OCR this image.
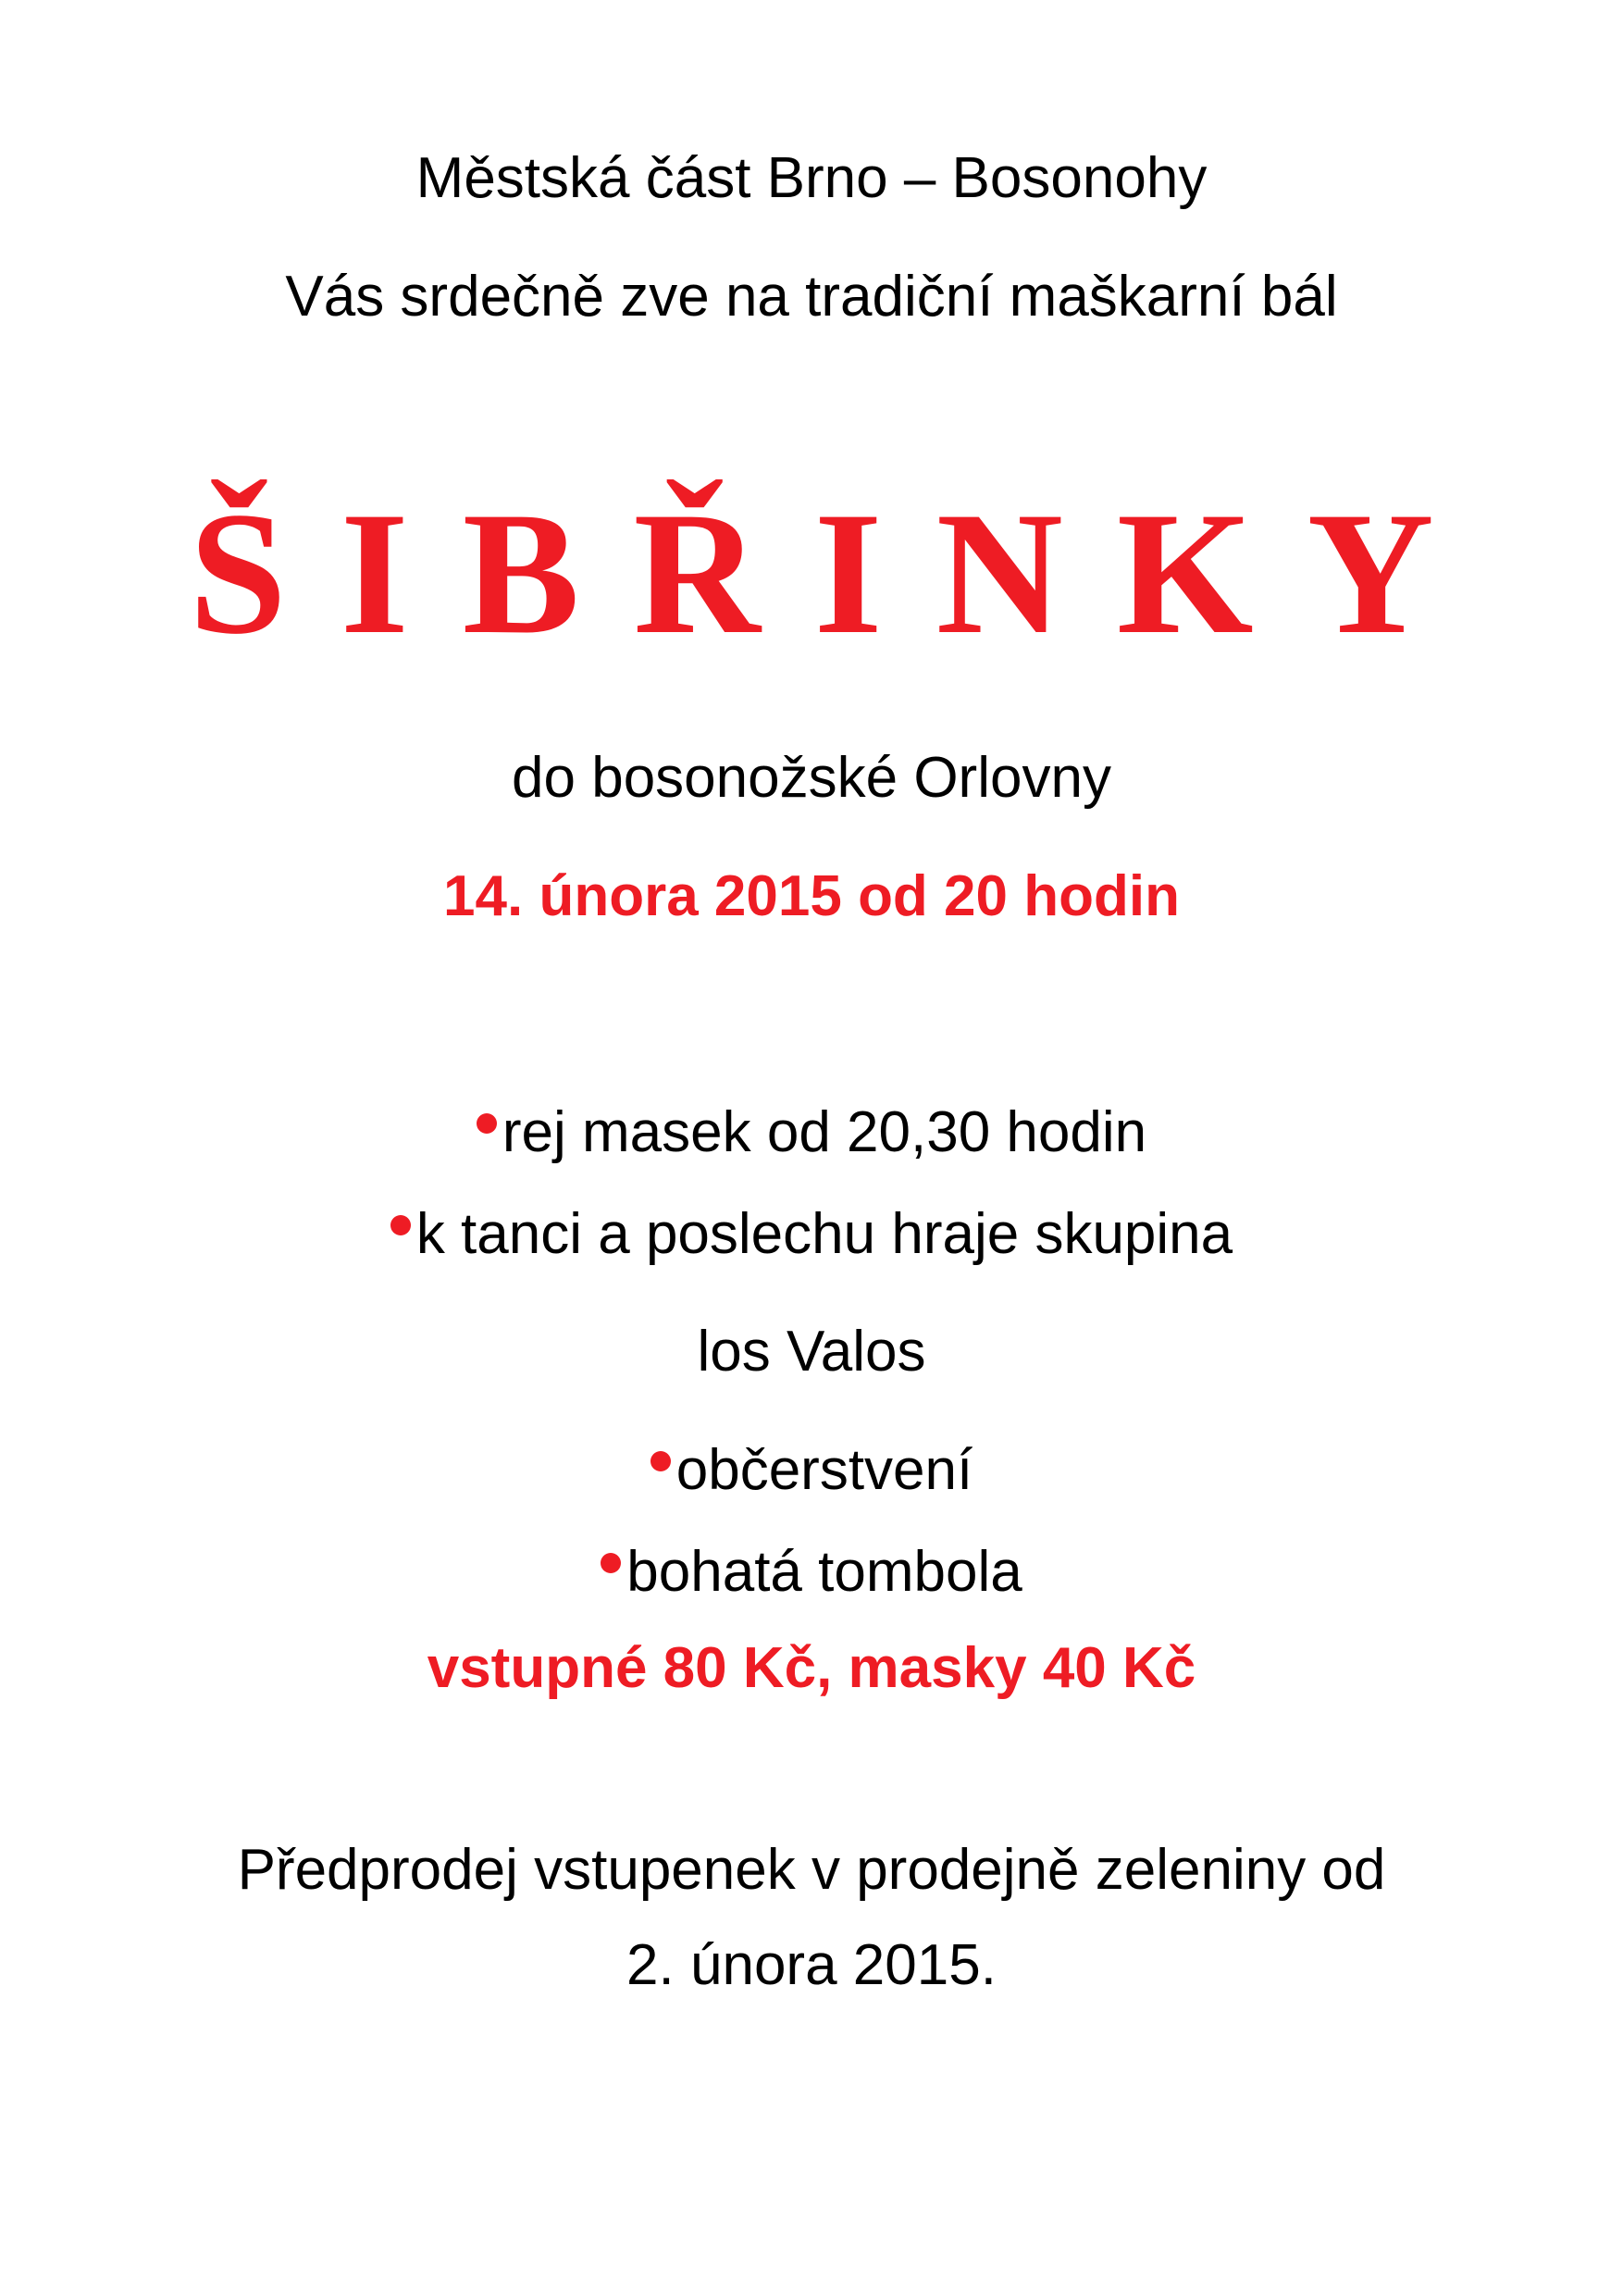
Městská část Brno – Bosonohy
Vás srdečně zve na tradiční maškarní bál
ŠIBŘINKY
do bosonožské Orlovny
14. února 2015 od 20 hodin
rej masek od 20,30 hodin
k tanci a poslechu hraje skupina
los Valos
občerstvení
bohatá tombola
vstupné 80 Kč, masky 40 Kč
Předprodej vstupenek v prodejně zeleniny od
2. února 2015.
